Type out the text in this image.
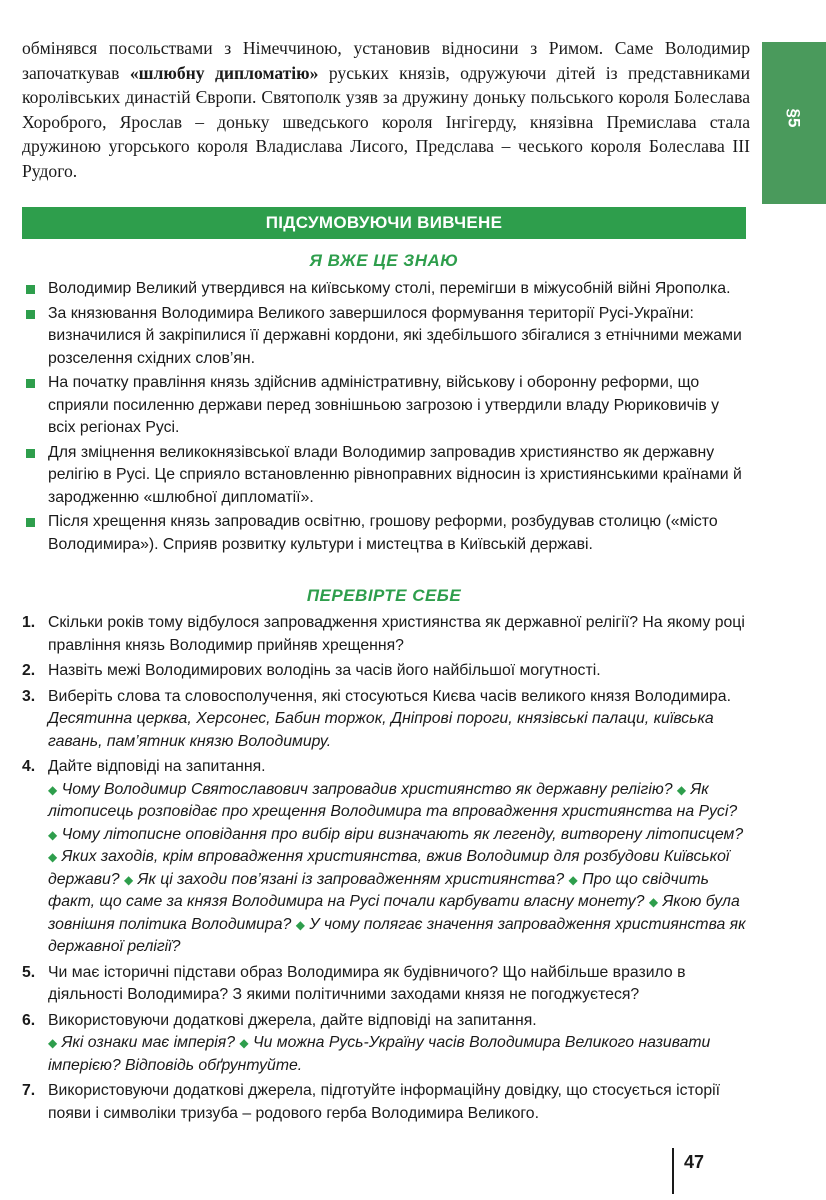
обмінявся посольствами з Німеччиною, установив відносини з Римом. Саме Володимир започаткував «шлюбну дипломатію» руських князів, одружуючи дітей із представниками королівських династій Європи. Святополк узяв за дружину доньку польського короля Болеслава Хороброго, Ярослав – доньку шведського короля Інгігерду, князівна Премислава стала дружиною угорського короля Владислава Лисого, Предслава – чеського короля Болеслава ІІІ Рудого.
§5
ПІДСУМОВУЮЧИ ВИВЧЕНЕ
Я ВЖЕ ЦЕ ЗНАЮ
Володимир Великий утвердився на київському столі, перемігши в міжусобній війні Ярополка.
За князювання Володимира Великого завершилося формування території Русі-України: визначилися й закріпилися її державні кордони, які здебільшого збігалися з етнічними межами розселення східних слов’ян.
На початку правління князь здійснив адміністративну, військову і оборонну реформи, що сприяли посиленню держави перед зовнішньою загрозою і утвердили владу Рюриковичів у всіх регіонах Русі.
Для зміцнення великокнязівської влади Володимир запровадив християнство як державну релігію в Русі. Це сприяло встановленню рівноправних відносин із християнськими країнами й зародженню «шлюбної дипломатії».
Після хрещення князь запровадив освітню, грошову реформи, розбудував столицю («місто Володимира»). Сприяв розвитку культури і мистецтва в Київській державі.
ПЕРЕВІРТЕ СЕБЕ
1. Скільки років тому відбулося запровадження християнства як державної релігії? На якому році правління князь Володимир прийняв хрещення?
2. Назвіть межі Володимирових володінь за часів його найбільшої могутності.
3. Виберіть слова та словосполучення, які стосуються Києва часів великого князя Володимира.
Десятинна церква, Херсонес, Бабин торжок, Дніпрові пороги, князівські палаци, київська гавань, пам’ятник князю Володимиру.
4. Дайте відповіді на запитання.
◆ Чому Володимир Святославович запровадив християнство як державну релігію? ◆ Як літописець розповідає про хрещення Володимира та впровадження християнства на Русі? ◆ Чому літописне оповідання про вибір віри визначають як легенду, витворену літописцем? ◆ Яких заходів, крім впровадження християнства, вжив Володимир для розбудови Київської держави? ◆ Як ці заходи пов’язані із запровадженням християнства? ◆ Про що свідчить факт, що саме за князя Володимира на Русі почали карбувати власну монету? ◆ Якою була зовнішня політика Володимира? ◆ У чому полягає значення запровадження християнства як державної релігії?
5. Чи має історичні підстави образ Володимира як будівничого? Що найбільше вразило в діяльності Володимира? З якими політичними заходами князя не погоджуєтеся?
6. Використовуючи додаткові джерела, дайте відповіді на запитання.
◆ Які ознаки має імперія? ◆ Чи можна Русь-Україну часів Володимира Великого називати імперією? Відповідь обґрунтуйте.
7. Використовуючи додаткові джерела, підготуйте інформаційну довідку, що стосується історії появи і символіки тризуба – родового герба Володимира Великого.
47
